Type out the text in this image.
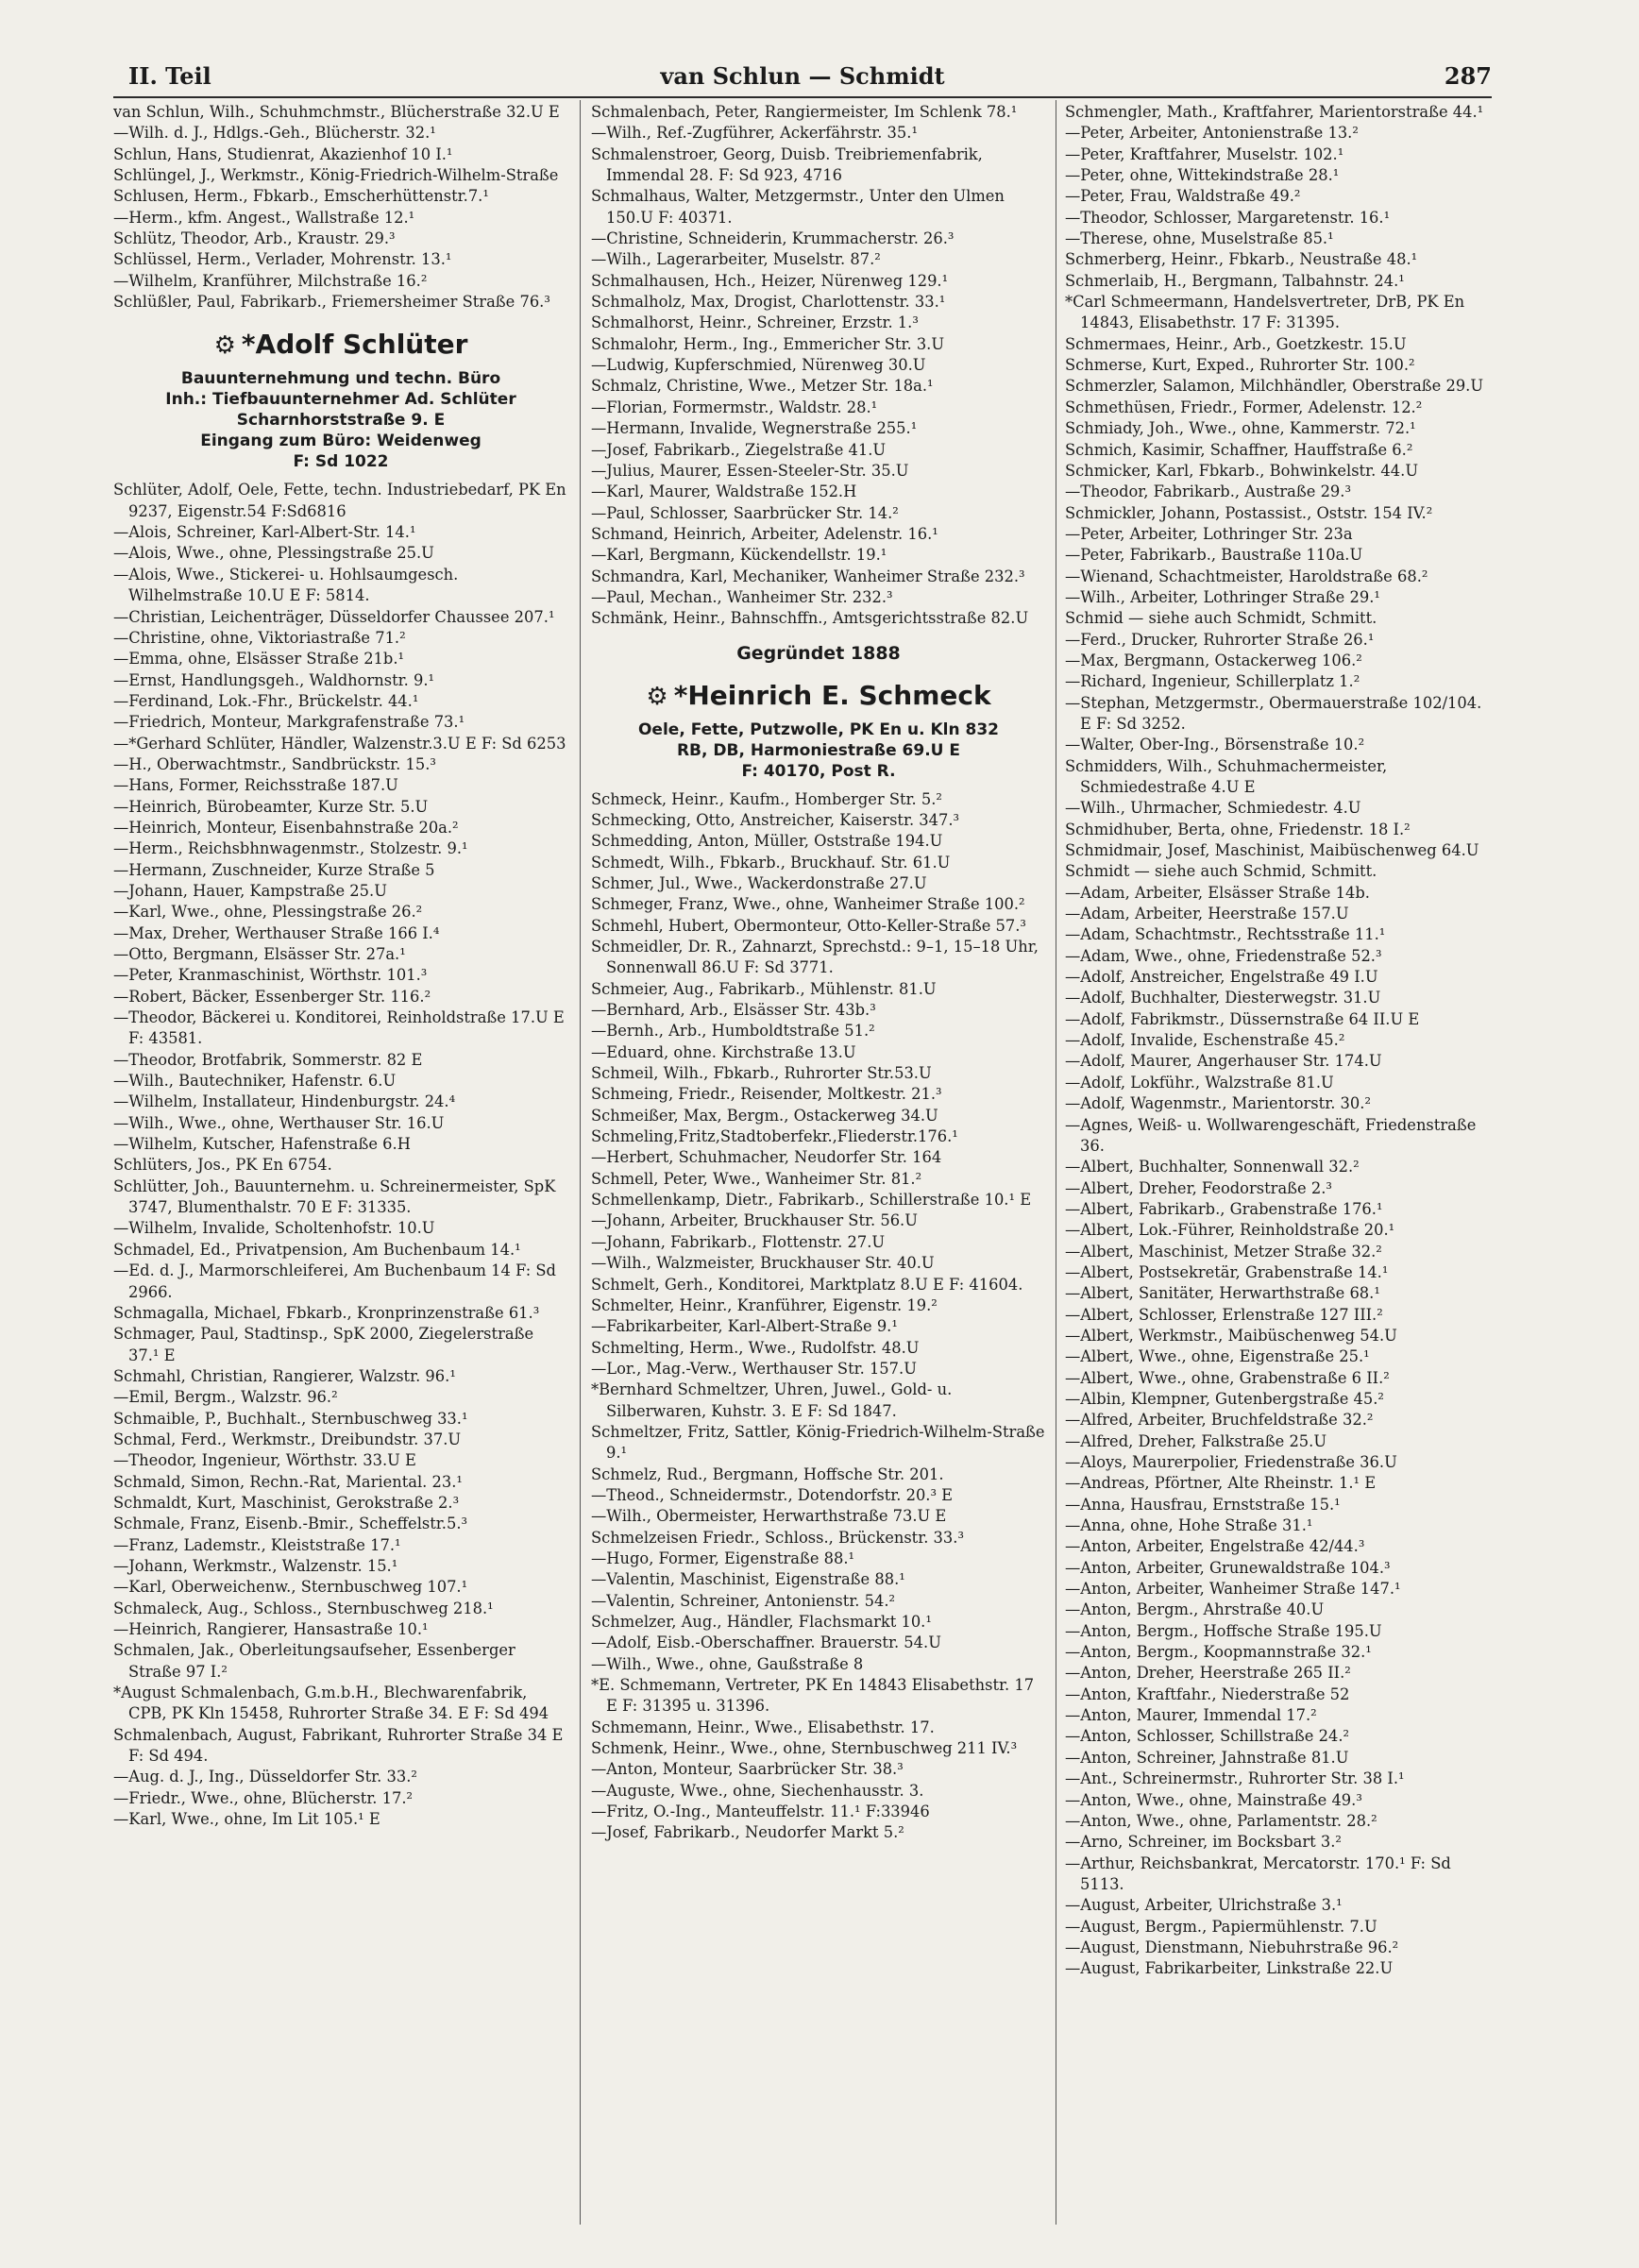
II. Teil	van Schlun — Schmidt	287
van Schlun, Wilh., Schuhmchmstr., Blücherstraße 32.U E
—Wilh. d. J., Hdlgs.-Geh., Blücherstr. 32.¹
Schlun, Hans, Studienrat, Akazienhof 10 I.¹
Schlüngel, J., Werkmstr., König-Friedrich-Wilhelm-Straße
Schlusen, Herm., Fbkarb., Emscherhüttenstr.7.¹
—Herm., kfm. Angest., Wallstraße 12.¹
Schlütz, Theodor, Arb., Kraustr. 29.³
Schlüssel, Herm., Verlader, Mohrenstr. 13.¹
—Wilhelm, Kranführer, Milchstraße 16.²
Schlüßler, Paul, Fabrikarb., Friemersheimer Straße 76.³
⚙ *Adolf Schlüter
Bauunternehmung und techn. Büro
Inh.: Tiefbauunternehmer Ad. Schlüter
Scharnhorststraße 9. E
Eingang zum Büro: Weidenweg
F: Sd 1022
Schlüter, Adolf, Oele, Fette, techn. Industriebedarf, PK En 9237, Eigenstr.54 F:Sd6816
—Alois, Schreiner, Karl-Albert-Str. 14.¹
—Alois, Wwe., ohne, Plessingstraße 25.U
—Alois, Wwe., Stickerei- u. Hohlsaumgesch. Wilhelmstraße 10.U E F: 5814.
—Christian, Leichenträger, Düsseldorfer Chaussee 207.¹
—Christine, ohne, Viktoriastraße 71.²
—Emma, ohne, Elsässer Straße 21b.¹
—Ernst, Handlungsgeh., Waldhornstr. 9.¹
—Ferdinand, Lok.-Fhr., Brückelstr. 44.¹
—Friedrich, Monteur, Markgrafenstraße 73.¹
—*Gerhard Schlüter, Händler, Walzenstr.3.U E F: Sd 6253
—H., Oberwachtmstr., Sandbrückstr. 15.³
—Hans, Former, Reichsstraße 187.U
—Heinrich, Bürobeamter, Kurze Str. 5.U
—Heinrich, Monteur, Eisenbahnstraße 20a.²
—Herm., Reichsbhnwagenmstr., Stolzestr. 9.¹
—Hermann, Zuschneider, Kurze Straße 5
—Johann, Hauer, Kampstraße 25.U
—Karl, Wwe., ohne, Plessingstraße 26.²
—Max, Dreher, Werthauser Straße 166 I.⁴
—Otto, Bergmann, Elsässer Str. 27a.¹
—Peter, Kranmaschinist, Wörthstr. 101.³
—Robert, Bäcker, Essenberger Str. 116.²
—Theodor, Bäckerei u. Konditorei, Reinholdstraße 17.U E F: 43581.
—Theodor, Brotfabrik, Sommerstr. 82 E
—Wilh., Bautechniker, Hafenstr. 6.U
—Wilhelm, Installateur, Hindenburgstr. 24.⁴
—Wilh., Wwe., ohne, Werthauser Str. 16.U
—Wilhelm, Kutscher, Hafenstraße 6.H
Schlüters, Jos., PK En 6754.
Schlütter, Joh., Bauunternehm. u. Schreinermeister, SpK 3747, Blumenthalstr. 70 E F: 31335.
—Wilhelm, Invalide, Scholtenhofstr. 10.U
Schmadel, Ed., Privatpension, Am Buchenbaum 14.¹
—Ed. d. J., Marmorschleiferei, Am Buchenbaum 14 F: Sd 2966.
Schmagalla, Michael, Fbkarb., Kronprinzenstraße 61.³
Schmager, Paul, Stadtinsp., SpK 2000, Ziegelerstraße 37.¹ E
Schmahl, Christian, Rangierer, Walzstr. 96.¹
—Emil, Bergm., Walzstr. 96.²
Schmaible, P., Buchhalt., Sternbuschweg 33.¹
Schmal, Ferd., Werkmstr., Dreibundstr. 37.U
—Theodor, Ingenieur, Wörthstr. 33.U E
Schmald, Simon, Rechn.-Rat, Mariental. 23.¹
Schmaldt, Kurt, Maschinist, Gerokstraße 2.³
Schmale, Franz, Eisenb.-Bmir., Scheffelstr.5.³
—Franz, Lademstr., Kleiststraße 17.¹
—Johann, Werkmstr., Walzenstr. 15.¹
—Karl, Oberweichenw., Sternbuschweg 107.¹
Schmaleck, Aug., Schloss., Sternbuschweg 218.¹
—Heinrich, Rangierer, Hansastraße 10.¹
Schmalen, Jak., Oberleitungsaufseher, Essenberger Straße 97 I.²
*August Schmalenbach, G.m.b.H., Blechwarenfabrik, CPB, PK Kln 15458, Ruhrorter Straße 34. E F: Sd 494
Schmalenbach, August, Fabrikant, Ruhrorter Straße 34 E F: Sd 494.
—Aug. d. J., Ing., Düsseldorfer Str. 33.²
—Friedr., Wwe., ohne, Blücherstr. 17.²
—Karl, Wwe., ohne, Im Lit 105.¹ E
Schmalenbach, Peter, Rangiermeister, Im Schlenk 78.¹
—Wilh., Ref.-Zugführer, Ackerfährstr. 35.¹
Schmalenstroer, Georg, Duisb. Treibriemenfabrik, Immendal 28. F: Sd 923, 4716
Schmalhaus, Walter, Metzgermstr., Unter den Ulmen 150.U F: 40371.
—Christine, Schneiderin, Krummacherstr. 26.³
—Wilh., Lagerarbeiter, Muselstr. 87.²
Schmalhausen, Hch., Heizer, Nürenweg 129.¹
Schmalholz, Max, Drogist, Charlottenstr. 33.¹
Schmalhorst, Heinr., Schreiner, Erzstr. 1.³
Schmalohr, Herm., Ing., Emmericher Str. 3.U
—Ludwig, Kupferschmied, Nürenweg 30.U
Schmalz, Christine, Wwe., Metzer Str. 18a.¹
—Florian, Formermstr., Waldstr. 28.¹
—Hermann, Invalide, Wegnerstraße 255.¹
—Josef, Fabrikarb., Ziegelstraße 41.U
—Julius, Maurer, Essen-Steeler-Str. 35.U
—Karl, Maurer, Waldstraße 152.H
—Paul, Schlosser, Saarbrücker Str. 14.²
Schmand, Heinrich, Arbeiter, Adelenstr. 16.¹
—Karl, Bergmann, Kückendellstr. 19.¹
Schmandra, Karl, Mechaniker, Wanheimer Straße 232.³
—Paul, Mechan., Wanheimer Str. 232.³
Schmänk, Heinr., Bahnschffn., Amtsgerichtsstraße 82.U
Gegründet 1888
⚙ *Heinrich E. Schmeck
Oele, Fette, Putzwolle, PK En u. Kln 832
RB, DB, Harmoniestraße 69.U E
F: 40170, Post R.
Schmeck, Heinr., Kaufm., Homberger Str. 5.²
Schmecking, Otto, Anstreicher, Kaiserstr. 347.³
Schmedding, Anton, Müller, Oststraße 194.U
Schmedt, Wilh., Fbkarb., Bruckhauf. Str. 61.U
Schmer, Jul., Wwe., Wackerdonstraße 27.U
Schmeger, Franz, Wwe., ohne, Wanheimer Straße 100.²
Schmehl, Hubert, Obermonteur, Otto-Keller-Straße 57.³
Schmeidler, Dr. R., Zahnarzt, Sprechstd.: 9–1, 15–18 Uhr, Sonnenwall 86.U F: Sd 3771.
Schmeier, Aug., Fabrikarb., Mühlenstr. 81.U
—Bernhard, Arb., Elsässer Str. 43b.³
—Bernh., Arb., Humboldtstraße 51.²
—Eduard, ohne. Kirchstraße 13.U
Schmeil, Wilh., Fbkarb., Ruhrorter Str.53.U
Schmeing, Friedr., Reisender, Moltkestr. 21.³
Schmeißer, Max, Bergm., Ostackerweg 34.U
Schmeling,Fritz,Stadtoberfekr.,Fliederstr.176.¹
—Herbert, Schuhmacher, Neudorfer Str. 164
Schmell, Peter, Wwe., Wanheimer Str. 81.²
Schmellenkamp, Dietr., Fabrikarb., Schillerstraße 10.¹ E
—Johann, Arbeiter, Bruckhauser Str. 56.U
—Johann, Fabrikarb., Flottenstr. 27.U
—Wilh., Walzmeister, Bruckhauser Str. 40.U
Schmelt, Gerh., Konditorei, Marktplatz 8.U E F: 41604.
Schmelter, Heinr., Kranführer, Eigenstr. 19.²
—Fabrikarbeiter, Karl-Albert-Straße 9.¹
Schmelting, Herm., Wwe., Rudolfstr. 48.U
—Lor., Mag.-Verw., Werthauser Str. 157.U
*Bernhard Schmeltzer, Uhren, Juwel., Gold- u. Silberwaren, Kuhstr. 3. E F: Sd 1847.
Schmeltzer, Fritz, Sattler, König-Friedrich-Wilhelm-Straße 9.¹
Schmelz, Rud., Bergmann, Hoffsche Str. 201.
—Theod., Schneidermstr., Dotendorfstr. 20.³ E
—Wilh., Obermeister, Herwarthstraße 73.U E
Schmelzeisen Friedr., Schloss., Brückenstr. 33.³
—Hugo, Former, Eigenstraße 88.¹
—Valentin, Maschinist, Eigenstraße 88.¹
—Valentin, Schreiner, Antonienstr. 54.²
Schmelzer, Aug., Händler, Flachsmarkt 10.¹
—Adolf, Eisb.-Oberschaffner. Brauerstr. 54.U
—Wilh., Wwe., ohne, Gaußstraße 8
*E. Schmemann, Vertreter, PK En 14843 Elisabethstr. 17 E F: 31395 u. 31396.
Schmemann, Heinr., Wwe., Elisabethstr. 17.
Schmenk, Heinr., Wwe., ohne, Sternbuschweg 211 IV.³
—Anton, Monteur, Saarbrücker Str. 38.³
—Auguste, Wwe., ohne, Siechenhausstr. 3.
—Fritz, O.-Ing., Manteuffelstr. 11.¹ F:33946
—Josef, Fabrikarb., Neudorfer Markt 5.²
Schmengler, Math., Kraftfahrer, Marientorstraße 44.¹
—Peter, Arbeiter, Antonienstraße 13.²
—Peter, Kraftfahrer, Muselstr. 102.¹
—Peter, ohne, Wittekindstraße 28.¹
—Peter, Frau, Waldstraße 49.²
—Theodor, Schlosser, Margaretenstr. 16.¹
—Therese, ohne, Muselstraße 85.¹
Schmerberg, Heinr., Fbkarb., Neustraße 48.¹
Schmerlaib, H., Bergmann, Talbahnstr. 24.¹
*Carl Schmeermann, Handelsvertreter, DrB, PK En 14843, Elisabethstr. 17 F: 31395.
Schmermaes, Heinr., Arb., Goetzkestr. 15.U
Schmerse, Kurt, Exped., Ruhrorter Str. 100.²
Schmerzler, Salamon, Milchhändler, Oberstraße 29.U
Schmethüsen, Friedr., Former, Adelenstr. 12.²
Schmiady, Joh., Wwe., ohne, Kammerstr. 72.¹
Schmich, Kasimir, Schaffner, Hauffstraße 6.²
Schmicker, Karl, Fbkarb., Bohwinkelstr. 44.U
—Theodor, Fabrikarb., Austraße 29.³
Schmickler, Johann, Postassist., Oststr. 154 IV.²
—Peter, Arbeiter, Lothringer Str. 23a
—Peter, Fabrikarb., Baustraße 110a.U
—Wienand, Schachtmeister, Haroldstraße 68.²
—Wilh., Arbeiter, Lothringer Straße 29.¹
Schmid — siehe auch Schmidt, Schmitt.
—Ferd., Drucker, Ruhrorter Straße 26.¹
—Max, Bergmann, Ostackerweg 106.²
—Richard, Ingenieur, Schillerplatz 1.²
—Stephan, Metzgermstr., Obermauerstraße 102/104. E F: Sd 3252.
—Walter, Ober-Ing., Börsenstraße 10.²
Schmidders, Wilh., Schuhmachermeister, Schmiedestraße 4.U E
—Wilh., Uhrmacher, Schmiedestr. 4.U
Schmidhuber, Berta, ohne, Friedenstr. 18 I.²
Schmidmair, Josef, Maschinist, Maibüschenweg 64.U
Schmidt — siehe auch Schmid, Schmitt.
—Adam, Arbeiter, Elsässer Straße 14b.
—Adam, Arbeiter, Heerstraße 157.U
—Adam, Schachtmstr., Rechtsstraße 11.¹
—Adam, Wwe., ohne, Friedenstraße 52.³
—Adolf, Anstreicher, Engelstraße 49 I.U
—Adolf, Buchhalter, Diesterwegstr. 31.U
—Adolf, Fabrikmstr., Düssernstraße 64 II.U E
—Adolf, Invalide, Eschenstraße 45.²
—Adolf, Maurer, Angerhauser Str. 174.U
—Adolf, Lokführ., Walzstraße 81.U
—Adolf, Wagenmstr., Marientorstr. 30.²
—Agnes, Weiß- u. Wollwarengeschäft, Friedenstraße 36.
—Albert, Buchhalter, Sonnenwall 32.²
—Albert, Dreher, Feodorstraße 2.³
—Albert, Fabrikarb., Grabenstraße 176.¹
—Albert, Lok.-Führer, Reinholdstraße 20.¹
—Albert, Maschinist, Metzer Straße 32.²
—Albert, Postsekretär, Grabenstraße 14.¹
—Albert, Sanitäter, Herwarthstraße 68.¹
—Albert, Schlosser, Erlenstraße 127 III.²
—Albert, Werkmstr., Maibüschenweg 54.U
—Albert, Wwe., ohne, Eigenstraße 25.¹
—Albert, Wwe., ohne, Grabenstraße 6 II.²
—Albin, Klempner, Gutenbergstraße 45.²
—Alfred, Arbeiter, Bruchfeldstraße 32.²
—Alfred, Dreher, Falkstraße 25.U
—Aloys, Maurerpolier, Friedenstraße 36.U
—Andreas, Pförtner, Alte Rheinstr. 1.¹ E
—Anna, Hausfrau, Ernststraße 15.¹
—Anna, ohne, Hohe Straße 31.¹
—Anton, Arbeiter, Engelstraße 42/44.³
—Anton, Arbeiter, Grunewaldstraße 104.³
—Anton, Arbeiter, Wanheimer Straße 147.¹
—Anton, Bergm., Ahrstraße 40.U
—Anton, Bergm., Hoffsche Straße 195.U
—Anton, Bergm., Koopmannstraße 32.¹
—Anton, Dreher, Heerstraße 265 II.²
—Anton, Kraftfahr., Niederstraße 52
—Anton, Maurer, Immendal 17.²
—Anton, Schlosser, Schillstraße 24.²
—Anton, Schreiner, Jahnstraße 81.U
—Ant., Schreinermstr., Ruhrorter Str. 38 I.¹
—Anton, Wwe., ohne, Mainstraße 49.³
—Anton, Wwe., ohne, Parlamentstr. 28.²
—Arno, Schreiner, im Bocksbart 3.²
—Arthur, Reichsbankrat, Mercatorstr. 170.¹ F: Sd 5113.
—August, Arbeiter, Ulrichstraße 3.¹
—August, Bergm., Papiermühlenstr. 7.U
—August, Dienstmann, Niebuhrstraße 96.²
—August, Fabrikarbeiter, Linkstraße 22.U
